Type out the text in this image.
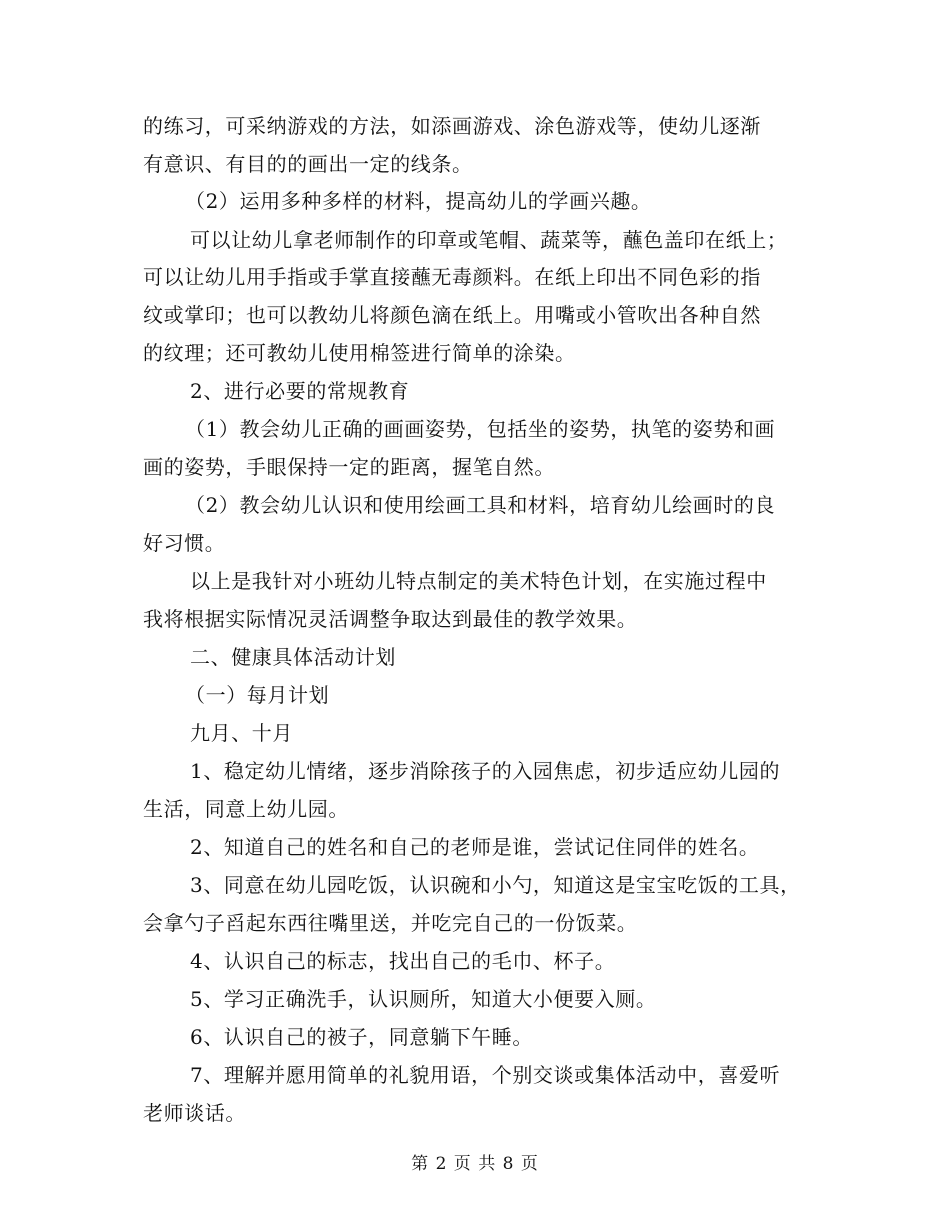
的练习，可采纳游戏的方法，如添画游戏、涂色游戏等，使幼儿逐渐
有意识、有目的的画出一定的线条。
（2）运用多种多样的材料，提高幼儿的学画兴趣。
可以让幼儿拿老师制作的印章或笔帽、蔬菜等，蘸色盖印在纸上；
可以让幼儿用手指或手掌直接蘸无毒颜料。在纸上印出不同色彩的指
纹或掌印；也可以教幼儿将颜色滴在纸上。用嘴或小管吹出各种自然
的纹理；还可教幼儿使用棉签进行简单的涂染。
2、进行必要的常规教育
（1）教会幼儿正确的画画姿势，包括坐的姿势，执笔的姿势和画
画的姿势，手眼保持一定的距离，握笔自然。
（2）教会幼儿认识和使用绘画工具和材料，培育幼儿绘画时的良
好习惯。
以上是我针对小班幼儿特点制定的美术特色计划，在实施过程中
我将根据实际情况灵活调整争取达到最佳的教学效果。
二、健康具体活动计划
（一）每月计划
九月、十月
1、稳定幼儿情绪，逐步消除孩子的入园焦虑，初步适应幼儿园的
生活，同意上幼儿园。
2、知道自己的姓名和自己的老师是谁，尝试记住同伴的姓名。
3、同意在幼儿园吃饭，认识碗和小勺，知道这是宝宝吃饭的工具，
会拿勺子舀起东西往嘴里送，并吃完自己的一份饭菜。
4、认识自己的标志，找出自己的毛巾、杯子。
5、学习正确洗手，认识厕所，知道大小便要入厕。
6、认识自己的被子，同意躺下午睡。
7、理解并愿用简单的礼貌用语，个别交谈或集体活动中，喜爱听
老师谈话。
第 2 页 共 8 页
